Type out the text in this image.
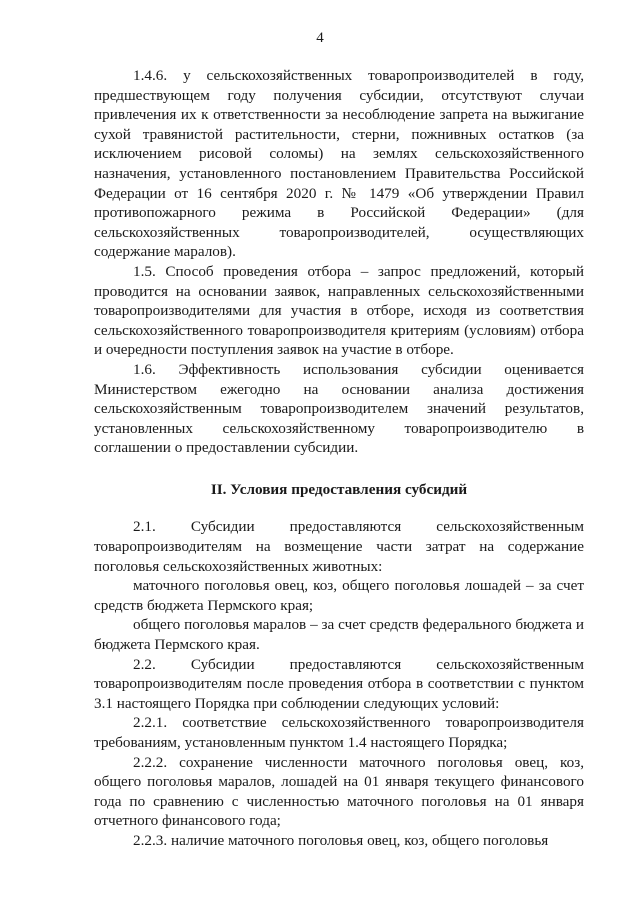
4

1.4.6. у сельскохозяйственных товаропроизводителей в году, предшествующем году получения субсидии, отсутствуют случаи привлечения их к ответственности за несоблюдение запрета на выжигание сухой травянистой растительности, стерни, пожнивных остатков (за исключением рисовой соломы) на землях сельскохозяйственного назначения, установленного постановлением Правительства Российской Федерации от 16 сентября 2020 г. № 1479 «Об утверждении Правил противопожарного режима в Российской Федерации» (для сельскохозяйственных товаропроизводителей, осуществляющих содержание маралов).

1.5. Способ проведения отбора – запрос предложений, который проводится на основании заявок, направленных сельскохозяйственными товаропроизводителями для участия в отборе, исходя из соответствия сельскохозяйственного товаропроизводителя критериям (условиям) отбора и очередности поступления заявок на участие в отборе.

1.6. Эффективность использования субсидии оценивается Министерством ежегодно на основании анализа достижения сельскохозяйственным товаропроизводителем значений результатов, установленных сельскохозяйственному товаропроизводителю в соглашении о предоставлении субсидии.

II. Условия предоставления субсидий

2.1. Субсидии предоставляются сельскохозяйственным товаропроизводителям на возмещение части затрат на содержание поголовья сельскохозяйственных животных:

маточного поголовья овец, коз, общего поголовья лошадей – за счет средств бюджета Пермского края;

общего поголовья маралов – за счет средств федерального бюджета и бюджета Пермского края.

2.2. Субсидии предоставляются сельскохозяйственным товаропроизводителям после проведения отбора в соответствии с пунктом 3.1 настоящего Порядка при соблюдении следующих условий:

2.2.1. соответствие сельскохозяйственного товаропроизводителя требованиям, установленным пунктом 1.4 настоящего Порядка;

2.2.2. сохранение численности маточного поголовья овец, коз, общего поголовья маралов, лошадей на 01 января текущего финансового года по сравнению с численностью маточного поголовья на 01 января отчетного финансового года;

2.2.3. наличие маточного поголовья овец, коз, общего поголовья
